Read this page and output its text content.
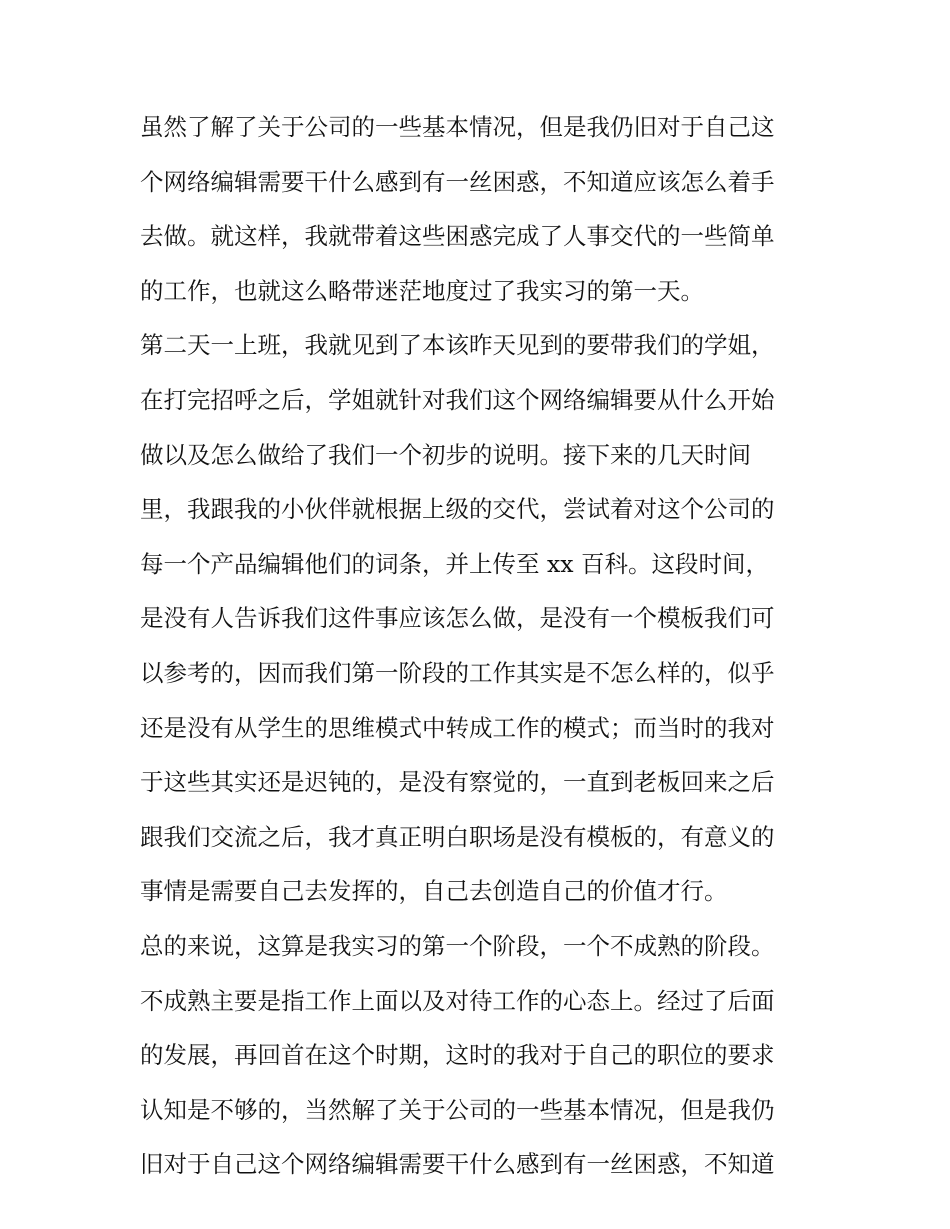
虽然了解了关于公司的一些基本情况，但是我仍旧对于自己这
个网络编辑需要干什么感到有一丝困惑，不知道应该怎么着手
去做。就这样，我就带着这些困惑完成了人事交代的一些简单
的工作，也就这么略带迷茫地度过了我实习的第一天。
第二天一上班，我就见到了本该昨天见到的要带我们的学姐，
在打完招呼之后，学姐就针对我们这个网络编辑要从什么开始
做以及怎么做给了我们一个初步的说明。接下来的几天时间
里，我跟我的小伙伴就根据上级的交代，尝试着对这个公司的
每一个产品编辑他们的词条，并上传至 xx 百科。这段时间，
是没有人告诉我们这件事应该怎么做，是没有一个模板我们可
以参考的，因而我们第一阶段的工作其实是不怎么样的，似乎
还是没有从学生的思维模式中转成工作的模式；而当时的我对
于这些其实还是迟钝的，是没有察觉的，一直到老板回来之后
跟我们交流之后，我才真正明白职场是没有模板的，有意义的
事情是需要自己去发挥的，自己去创造自己的价值才行。
总的来说，这算是我实习的第一个阶段，一个不成熟的阶段。
不成熟主要是指工作上面以及对待工作的心态上。经过了后面
的发展，再回首在这个时期，这时的我对于自己的职位的要求
认知是不够的，当然解了关于公司的一些基本情况，但是我仍
旧对于自己这个网络编辑需要干什么感到有一丝困惑，不知道
